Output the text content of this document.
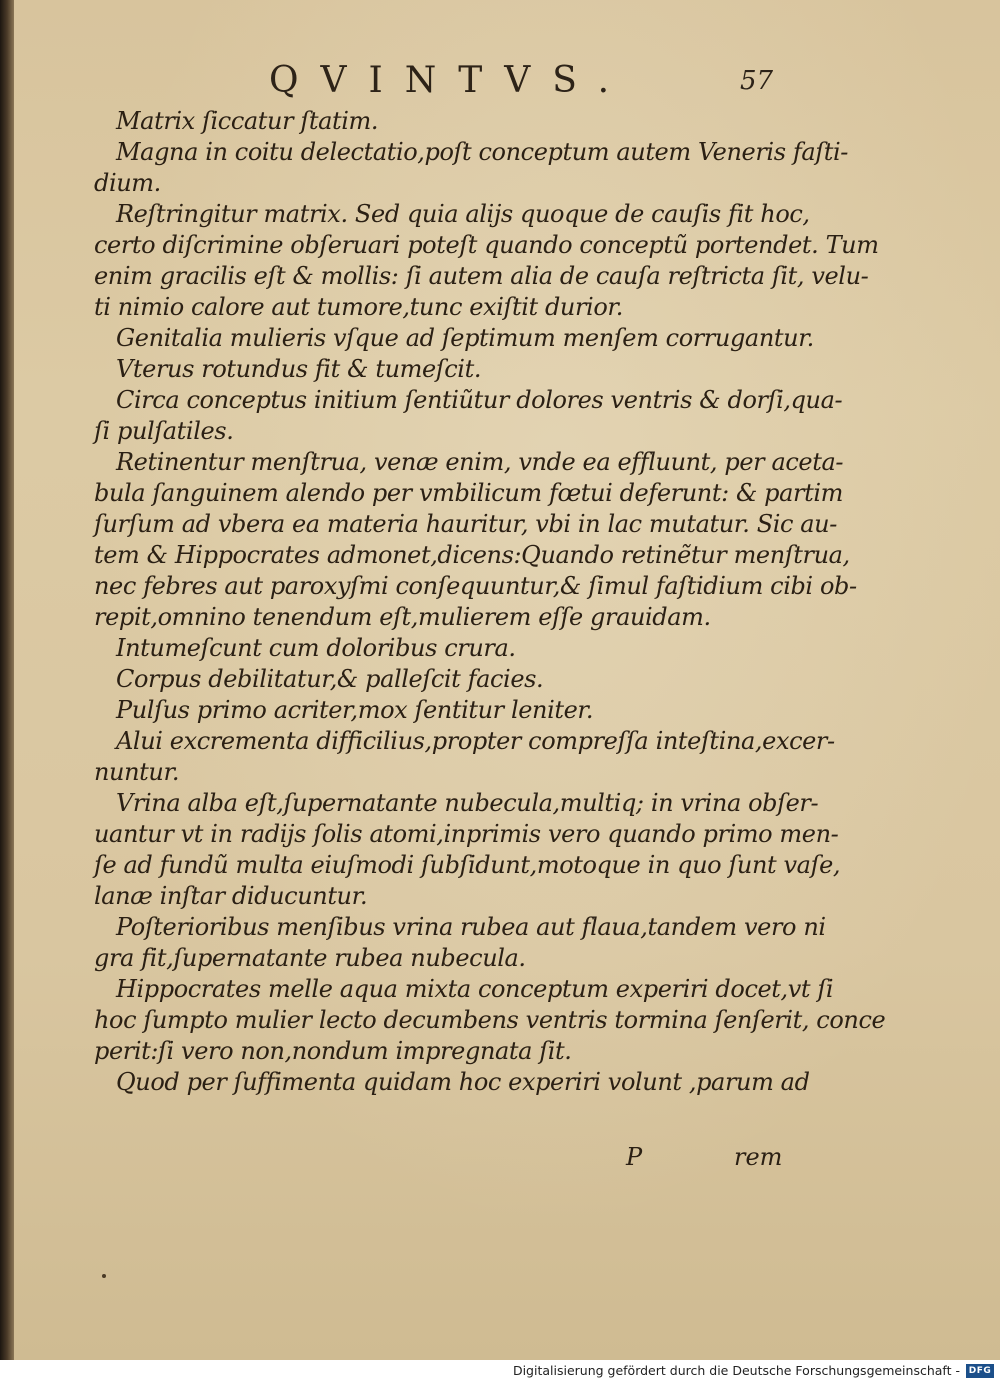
QVINTVS.	57
Matrix ſiccatur ſtatim.
Magna in coitu delectatio,poſt conceptum autem Veneris faſti-
dium.
Reſtringitur matrix. Sed quia alijs quoque de cauſis fit hoc,
certo diſcrimine obſeruari poteſt quando conceptũ portendet. Tum
enim gracilis eſt & mollis: ſi autem alia de cauſa reſtricta ſit, velu-
ti nimio calore aut tumore,tunc exiſtit durior.
Genitalia mulieris vſque ad ſeptimum menſem corrugantur.
Vterus rotundus fit & tumeſcit.
Circa conceptus initium ſentiũtur dolores ventris & dorſi,qua-
ſi pulſatiles.
Retinentur menſtrua, venæ enim, vnde ea effluunt, per aceta-
bula ſanguinem alendo per vmbilicum fœtui deferunt: & partim
ſurſum ad vbera ea materia hauritur, vbi in lac mutatur. Sic au-
tem & Hippocrates admonet,dicens:Quando retinẽtur menſtrua,
nec febres aut paroxyſmi conſequuntur,& ſimul faſtidium cibi ob-
repit,omnino tenendum eſt,mulierem eſſe grauidam.
Intumeſcunt cum doloribus crura.
Corpus debilitatur,& palleſcit facies.
Pulſus primo acriter,mox ſentitur leniter.
Alui excrementa difficilius,propter compreſſa inteſtina,excer-
nuntur.
Vrina alba eſt,ſupernatante nubecula,multiq; in vrina obſer-
uantur vt in radijs ſolis atomi,inprimis vero quando primo men-
ſe ad fundũ multa eiuſmodi ſubſidunt,motoque in quo ſunt vaſe,
lanæ inſtar diducuntur.
Poſterioribus menſibus vrina rubea aut flaua,tandem vero ni
gra fit,ſupernatante rubea nubecula.
Hippocrates melle aqua mixta conceptum experiri docet,vt ſi
hoc ſumpto mulier lecto decumbens ventris tormina ſenſerit, conce
perit:ſi vero non,nondum impregnata ſit.
Quod per ſuffimenta quidam hoc experiri volunt ,parum ad
P	rem
Digitalisierung gefördert durch die Deutsche Forschungsgemeinschaft - DFG
